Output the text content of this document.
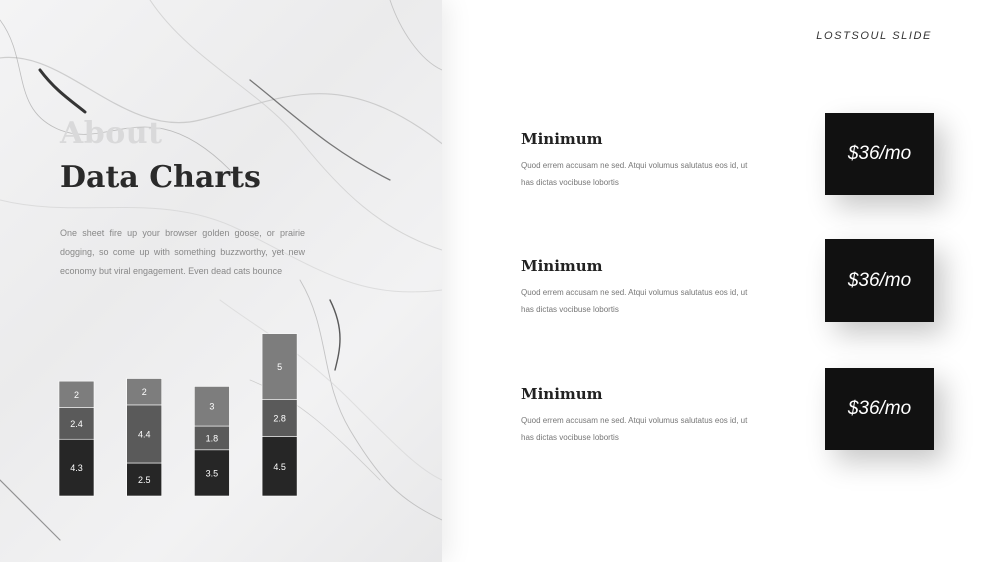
About
Data Charts
One sheet fire up your browser golden goose, or prairie dogging, so come up with something buzzworthy, yet new economy but viral engagement. Even dead cats bounce
4.3
2.4
2
2.5
4.4
2
3.5
1.8
3
4.5
2.8
5
LOSTSOUL SLIDE
Minimum
Quod errem accusam ne sed. Atqui volumus salutatus eos id, ut has dictas vocibuse lobortis
$36/mo
Minimum
Quod errem accusam ne sed. Atqui volumus salutatus eos id, ut has dictas vocibuse lobortis
$36/mo
Minimum
Quod errem accusam ne sed. Atqui volumus salutatus eos id, ut has dictas vocibuse lobortis
$36/mo
